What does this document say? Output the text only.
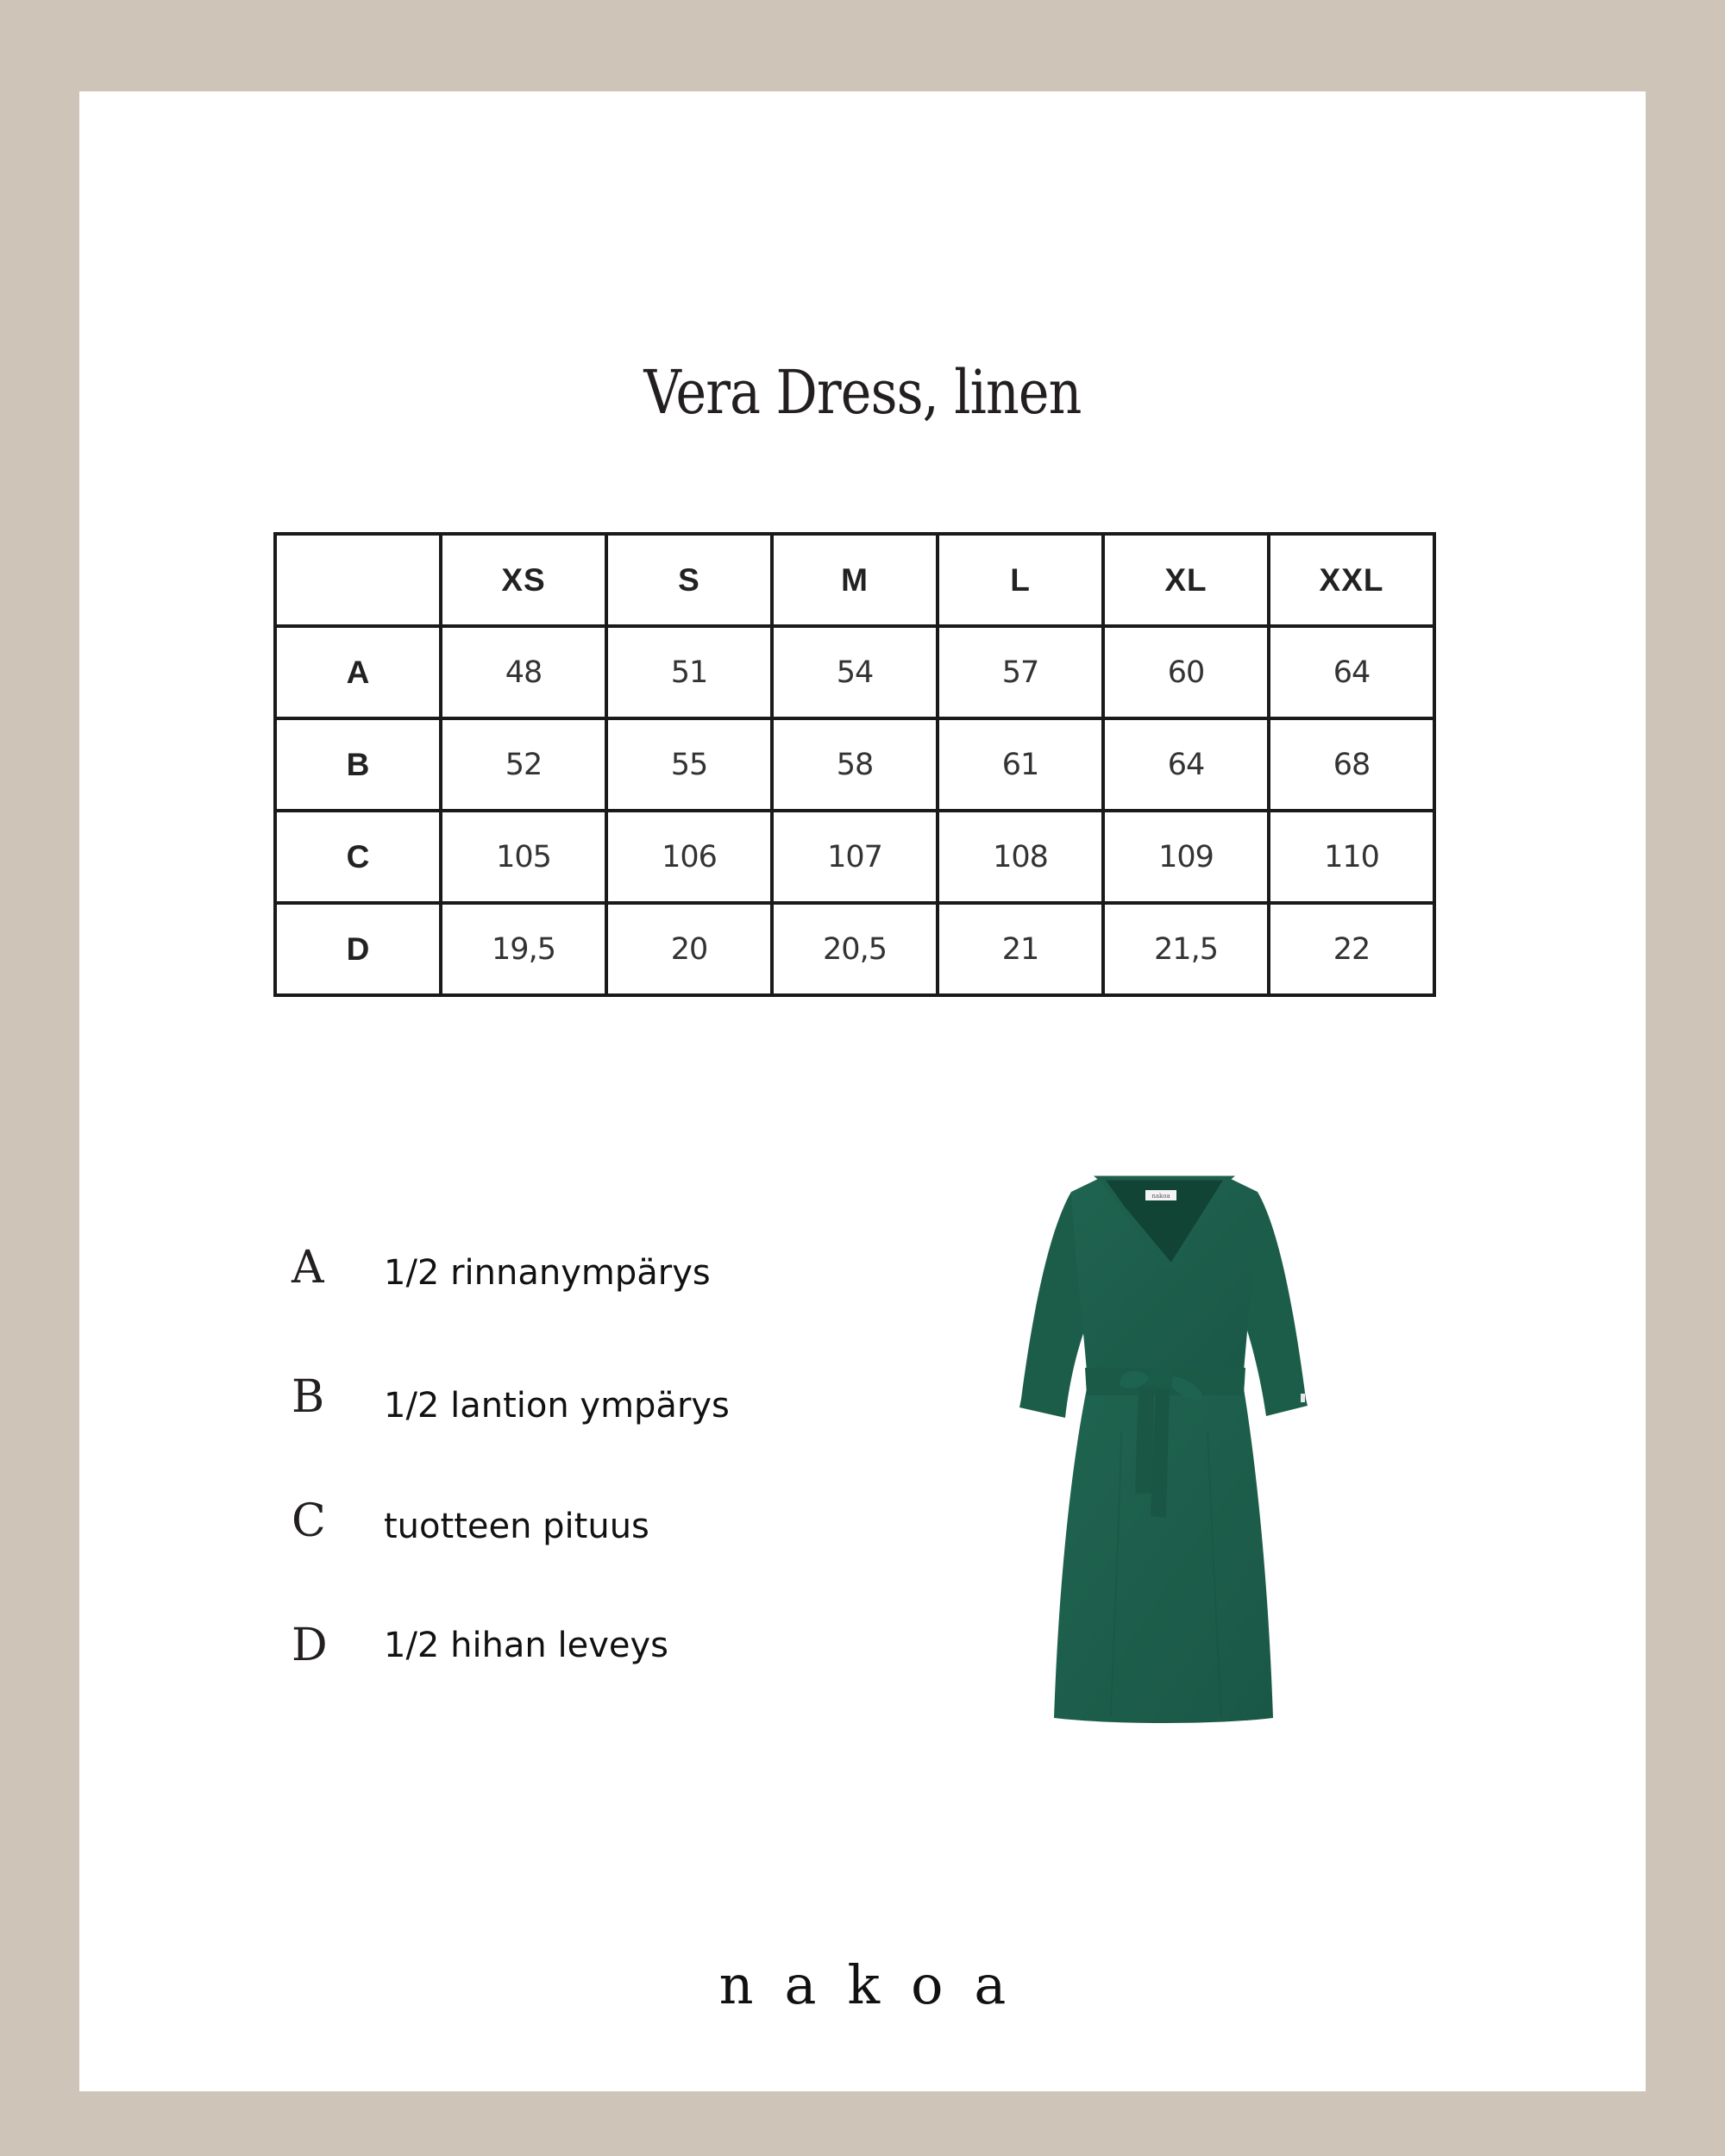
Vera Dress, linen
	XS	S	M	L	XL	XXL
A	48	51	54	57	60	64
B	52	55	58	61	64	68
C	105	106	107	108	109	110
D	19,5	20	20,5	21	21,5	22
A 1/2 rinnanympärys
B 1/2 lantion ympärys
C tuotteen pituus
D 1/2 hihan leveys
nakoa
nakoa
